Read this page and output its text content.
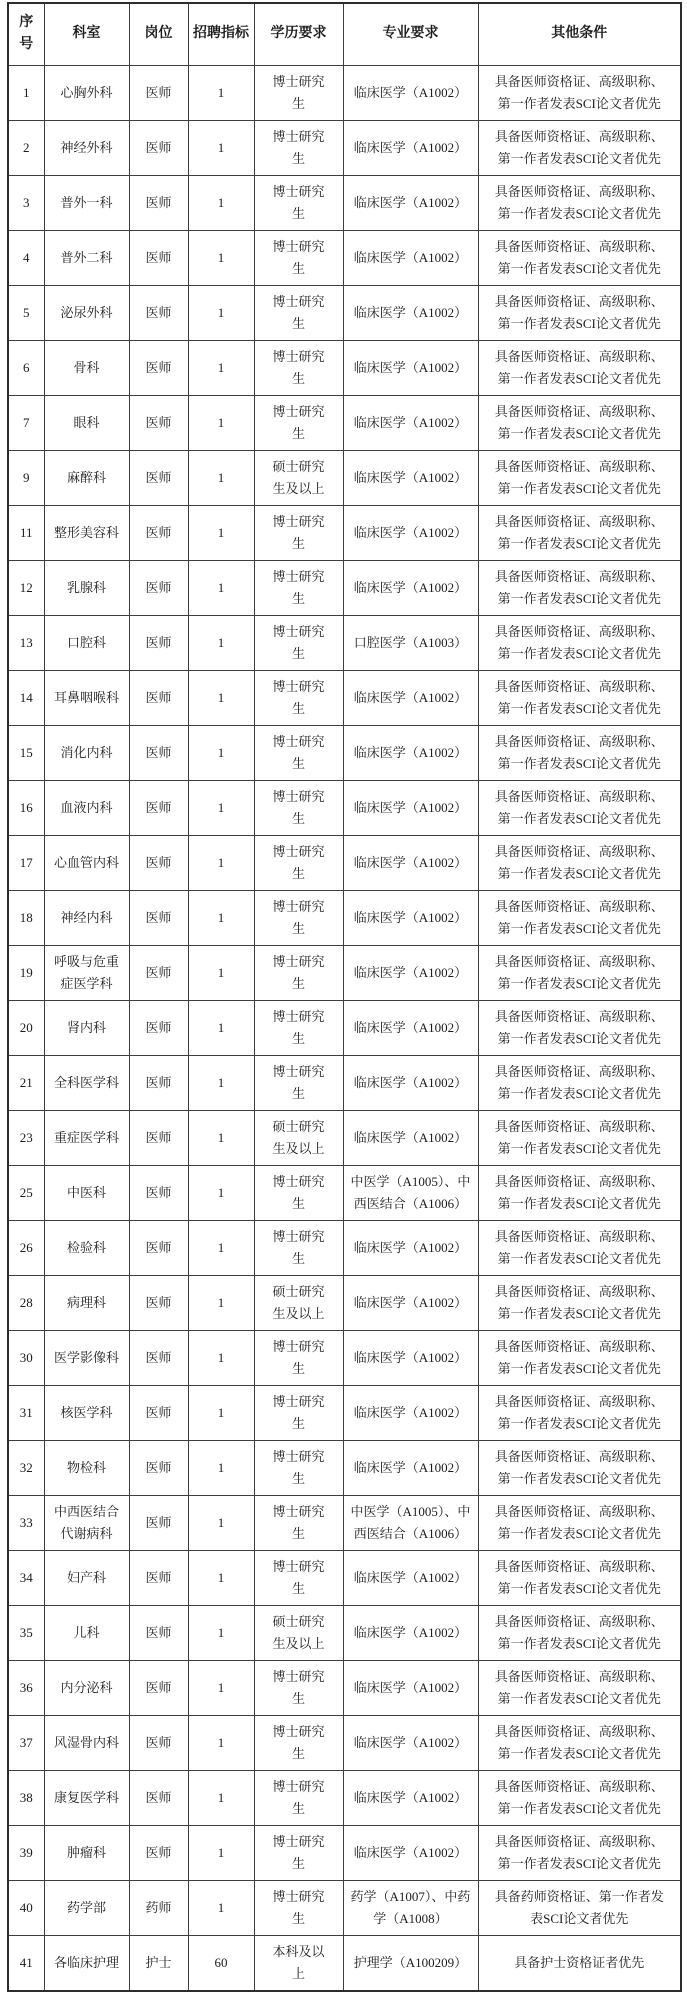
序号	科室	岗位	招聘指标	学历要求	专业要求	其他条件
1	心胸外科	医师	1	博士研究生	临床医学（A1002）	具备医师资格证、高级职称、第一作者发表SCI论文者优先
2	神经外科	医师	1	博士研究生	临床医学（A1002）	具备医师资格证、高级职称、第一作者发表SCI论文者优先
3	普外一科	医师	1	博士研究生	临床医学（A1002）	具备医师资格证、高级职称、第一作者发表SCI论文者优先
4	普外二科	医师	1	博士研究生	临床医学（A1002）	具备医师资格证、高级职称、第一作者发表SCI论文者优先
5	泌尿外科	医师	1	博士研究生	临床医学（A1002）	具备医师资格证、高级职称、第一作者发表SCI论文者优先
6	骨科	医师	1	博士研究生	临床医学（A1002）	具备医师资格证、高级职称、第一作者发表SCI论文者优先
7	眼科	医师	1	博士研究生	临床医学（A1002）	具备医师资格证、高级职称、第一作者发表SCI论文者优先
9	麻醉科	医师	1	硕士研究生及以上	临床医学（A1002）	具备医师资格证、高级职称、第一作者发表SCI论文者优先
11	整形美容科	医师	1	博士研究生	临床医学（A1002）	具备医师资格证、高级职称、第一作者发表SCI论文者优先
12	乳腺科	医师	1	博士研究生	临床医学（A1002）	具备医师资格证、高级职称、第一作者发表SCI论文者优先
13	口腔科	医师	1	博士研究生	口腔医学（A1003）	具备医师资格证、高级职称、第一作者发表SCI论文者优先
14	耳鼻咽喉科	医师	1	博士研究生	临床医学（A1002）	具备医师资格证、高级职称、第一作者发表SCI论文者优先
15	消化内科	医师	1	博士研究生	临床医学（A1002）	具备医师资格证、高级职称、第一作者发表SCI论文者优先
16	血液内科	医师	1	博士研究生	临床医学（A1002）	具备医师资格证、高级职称、第一作者发表SCI论文者优先
17	心血管内科	医师	1	博士研究生	临床医学（A1002）	具备医师资格证、高级职称、第一作者发表SCI论文者优先
18	神经内科	医师	1	博士研究生	临床医学（A1002）	具备医师资格证、高级职称、第一作者发表SCI论文者优先
19	呼吸与危重症医学科	医师	1	博士研究生	临床医学（A1002）	具备医师资格证、高级职称、第一作者发表SCI论文者优先
20	肾内科	医师	1	博士研究生	临床医学（A1002）	具备医师资格证、高级职称、第一作者发表SCI论文者优先
21	全科医学科	医师	1	博士研究生	临床医学（A1002）	具备医师资格证、高级职称、第一作者发表SCI论文者优先
23	重症医学科	医师	1	硕士研究生及以上	临床医学（A1002）	具备医师资格证、高级职称、第一作者发表SCI论文者优先
25	中医科	医师	1	博士研究生	中医学（A1005）、中西医结合（A1006）	具备医师资格证、高级职称、第一作者发表SCI论文者优先
26	检验科	医师	1	博士研究生	临床医学（A1002）	具备医师资格证、高级职称、第一作者发表SCI论文者优先
28	病理科	医师	1	硕士研究生及以上	临床医学（A1002）	具备医师资格证、高级职称、第一作者发表SCI论文者优先
30	医学影像科	医师	1	博士研究生	临床医学（A1002）	具备医师资格证、高级职称、第一作者发表SCI论文者优先
31	核医学科	医师	1	博士研究生	临床医学（A1002）	具备医师资格证、高级职称、第一作者发表SCI论文者优先
32	物检科	医师	1	博士研究生	临床医学（A1002）	具备医师资格证、高级职称、第一作者发表SCI论文者优先
33	中西医结合代谢病科	医师	1	博士研究生	中医学（A1005）、中西医结合（A1006）	具备医师资格证、高级职称、第一作者发表SCI论文者优先
34	妇产科	医师	1	博士研究生	临床医学（A1002）	具备医师资格证、高级职称、第一作者发表SCI论文者优先
35	儿科	医师	1	硕士研究生及以上	临床医学（A1002）	具备医师资格证、高级职称、第一作者发表SCI论文者优先
36	内分泌科	医师	1	博士研究生	临床医学（A1002）	具备医师资格证、高级职称、第一作者发表SCI论文者优先
37	风湿骨内科	医师	1	博士研究生	临床医学（A1002）	具备医师资格证、高级职称、第一作者发表SCI论文者优先
38	康复医学科	医师	1	博士研究生	临床医学（A1002）	具备医师资格证、高级职称、第一作者发表SCI论文者优先
39	肿瘤科	医师	1	博士研究生	临床医学（A1002）	具备医师资格证、高级职称、第一作者发表SCI论文者优先
40	药学部	药师	1	博士研究生	药学（A1007）、中药学（A1008）	具备药师资格证、第一作者发表SCI论文者优先
41	各临床护理	护士	60	本科及以上	护理学（A100209）	具备护士资格证者优先
